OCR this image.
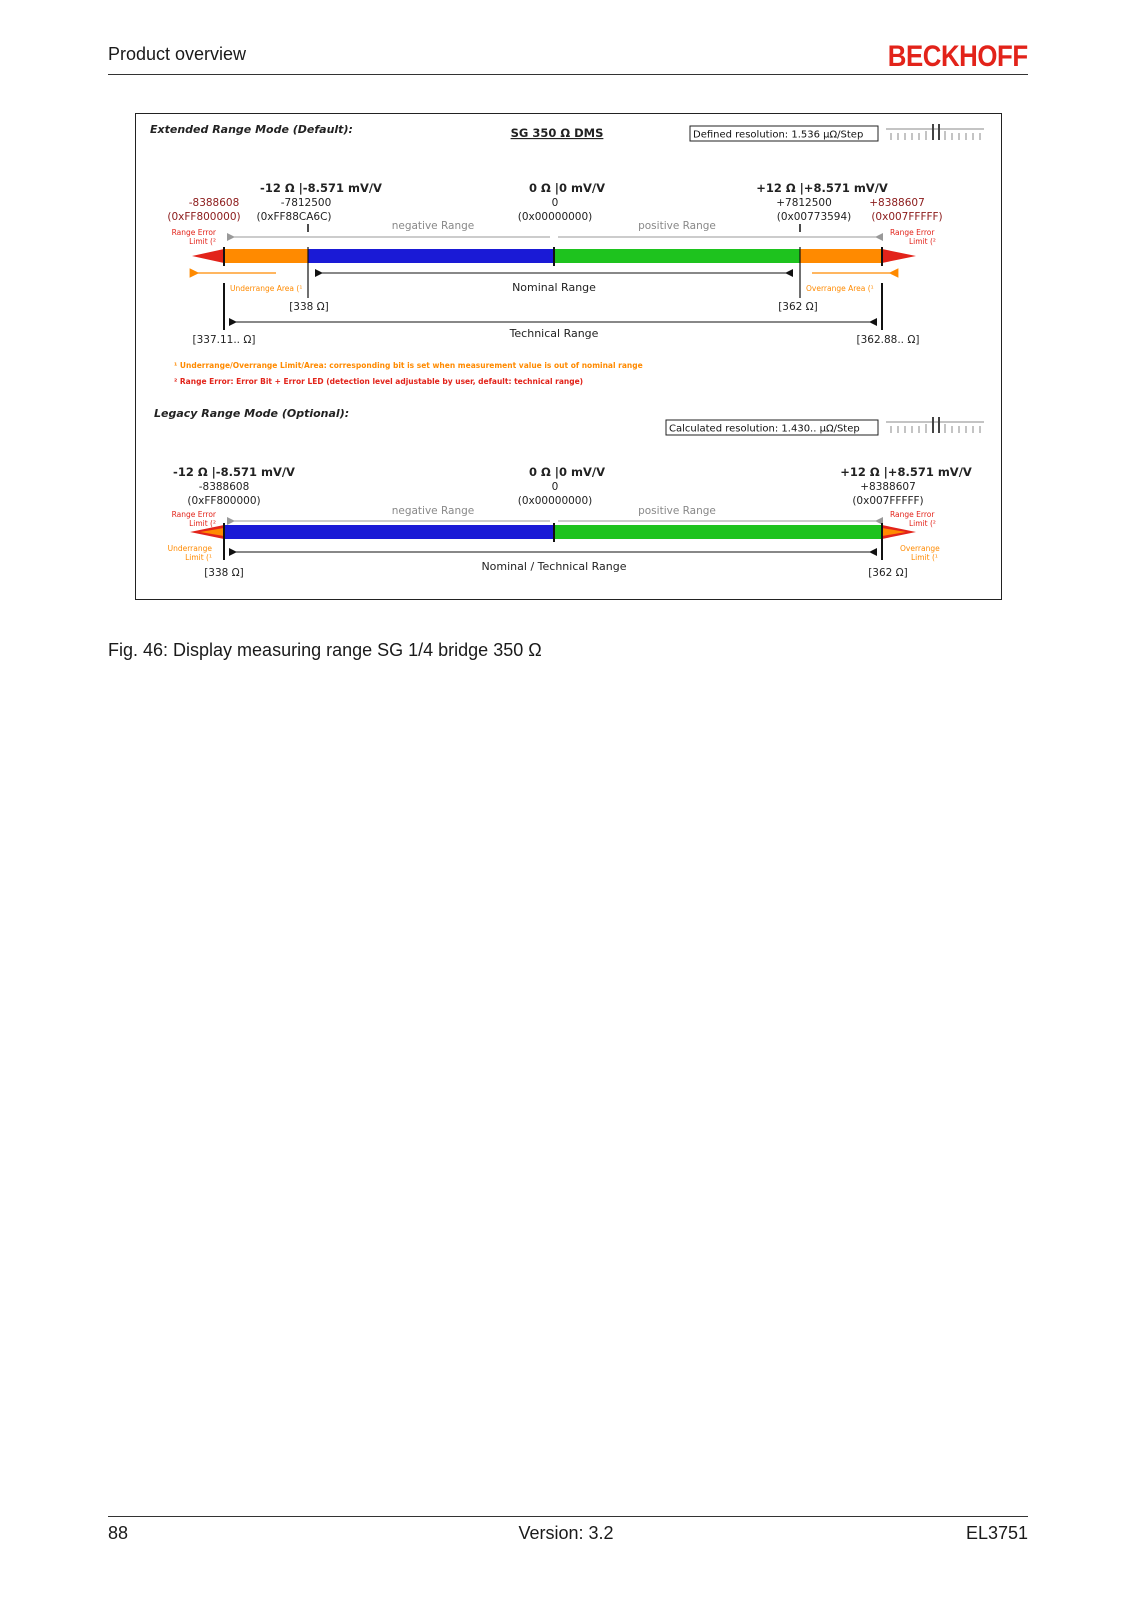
Product overview	BECKHOFF
Extended Range Mode (Default):	SG 350 Ω DMS	Defined resolution: 1.536 µΩ/Step
-12 Ω |-8.571 mV/V
-7812500
(0xFF88CA6C)
-8388608
(0xFF800000)
0 Ω |0 mV/V
0
(0x00000000)
+12 Ω |+8.571 mV/V
+7812500
(0x00773594)
+8388607
(0x007FFFFF)
negative Range	positive Range
Range Error
Limit (²
Range Error
Limit (²
Underrange Area (¹	Overrange Area (¹
Nominal Range
[338 Ω]	[362 Ω]
Technical Range
[337.11.. Ω]	[362.88.. Ω]
¹ Underrange/Overrange Limit/Area: corresponding bit is set when measurement value is out of nominal range
² Range Error: Error Bit + Error LED (detection level adjustable by user, default: technical range)
Legacy Range Mode (Optional):
Calculated resolution: 1.430.. µΩ/Step
-12 Ω |-8.571 mV/V
-8388608
(0xFF800000)
0 Ω |0 mV/V
0
(0x00000000)
+12 Ω |+8.571 mV/V
+8388607
(0x007FFFFF)
negative Range	positive Range
Range Error
Limit (²
Range Error
Limit (²
Underrange
Limit (¹
Overrange
Limit (¹
Nominal / Technical Range
[338 Ω]	[362 Ω]
Fig. 46: Display measuring range SG 1/4 bridge 350 Ω
88	Version: 3.2	EL3751
